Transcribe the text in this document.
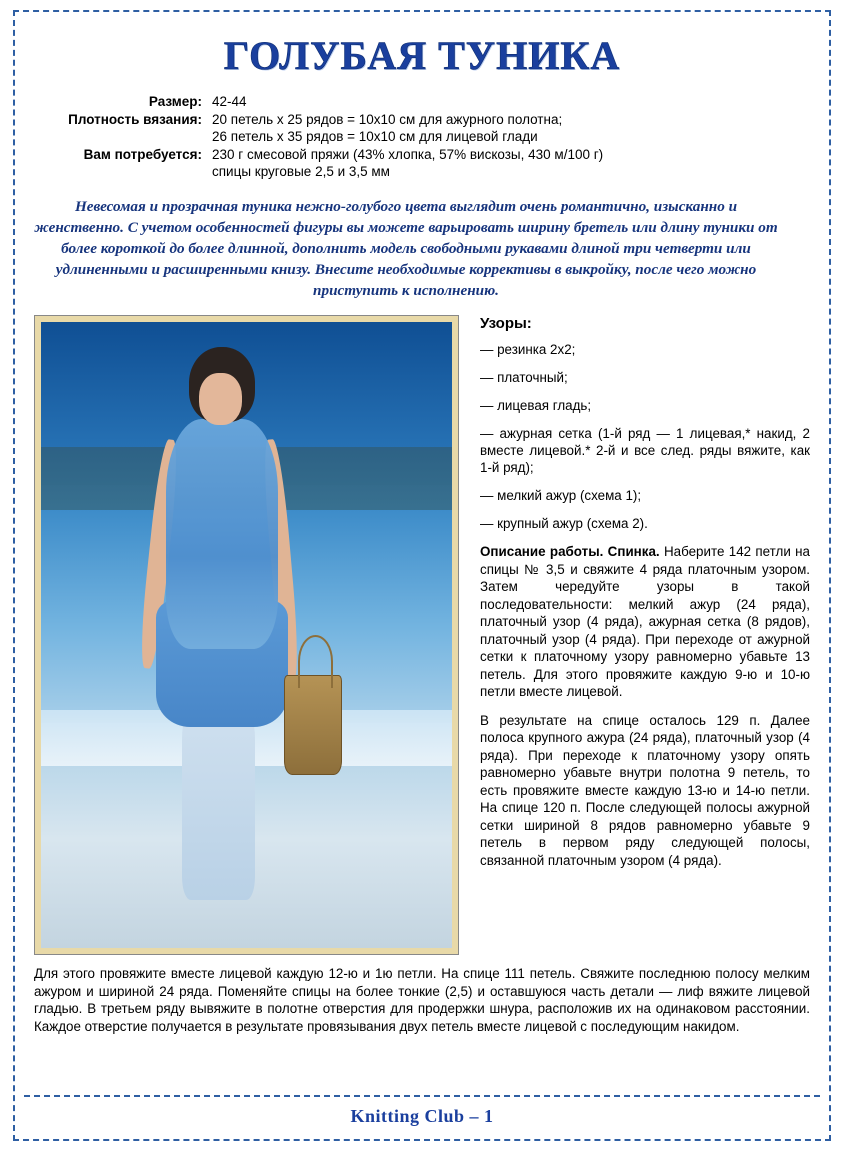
ГОЛУБАЯ ТУНИКА
Размер: 42-44
Плотность вязания: 20 петель х 25 рядов = 10х10 см для ажурного полотна;
26 петель х 35 рядов = 10х10 см для лицевой глади
Вам потребуется: 230 г смесовой пряжи (43% хлопка, 57% вискозы, 430 м/100 г)
спицы круговые 2,5 и 3,5 мм
Невесомая и прозрачная туника нежно-голубого цвета выглядит очень романтично, изысканно и женственно. С учетом особенностей фигуры вы можете варьировать ширину бретель или длину туники от более короткой до более длинной, дополнить модель свободными рукавами длиной три четверти или удлиненными и расширенными книзу. Внесите необходимые коррективы в выкройку, после чего можно приступить к исполнению.
Узоры:
— резинка 2х2;
— платочный;
— лицевая гладь;
— ажурная сетка (1-й ряд — 1 лицевая,* накид, 2 вместе лицевой.* 2-й и все след. ряды вяжите, как 1-й ряд);
— мелкий ажур (схема 1);
— крупный ажур (схема 2).
Описание работы. Спинка. Наберите 142 петли на спицы № 3,5 и свяжите 4 ряда платочным узором. Затем чередуйте узоры в такой последовательности: мелкий ажур (24 ряда), платочный узор (4 ряда), ажурная сетка (8 рядов), платочный узор (4 ряда). При переходе от ажурной сетки к платочному узору равномерно убавьте 13 петель. Для этого провяжите каждую 9-ю и 10-ю петли вместе лицевой.
В результате на спице осталось 129 п. Далее полоса крупного ажура (24 ряда), платочный узор (4 ряда). При переходе к платочному узору опять равномерно убавьте внутри полотна 9 петель, то есть провяжите вместе каждую 13-ю и 14-ю петли. На спице 120 п. После следующей полосы ажурной сетки шириной 8 рядов равномерно убавьте 9 петель в первом ряду следующей полосы, связанной платочным узором (4 ряда).
Для этого провяжите вместе лицевой каждую 12-ю и 1ю петли. На спице 111 петель. Свяжите последнюю полосу мелким ажуром и шириной 24 ряда. Поменяйте спицы на более тонкие (2,5) и оставшуюся часть детали — лиф вяжите лицевой гладью. В третьем ряду вывяжите в полотне отверстия для продержки шнура, расположив их на одинаковом расстоянии. Каждое отверстие получается в результате провязывания двух петель вместе лицевой с последующим накидом.
Knitting Club – 1
